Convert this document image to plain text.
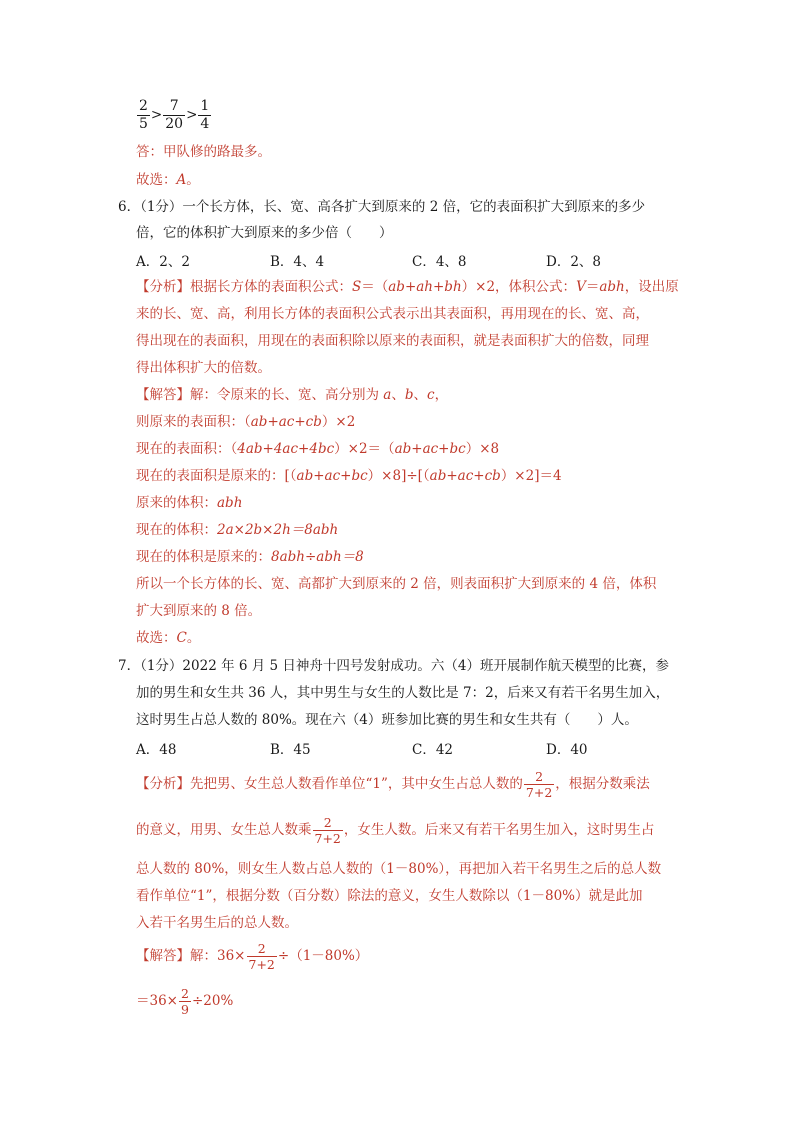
$\frac{2}{5} > \frac{7}{20} > \frac{1}{4}$
答：甲队修的路最多。
故选：A。
6．（1分）一个长方体，长、宽、高各扩大到原来的 2 倍，它的表面积扩大到原来的多少
倍，它的体积扩大到原来的多少倍（　　）
A．2、2	B．4、4	C．4、8	D．2、8
【分析】根据长方体的表面积公式：S＝（ab+ah+bh）×2，体积公式：V＝abh，设出原
来的长、宽、高，利用长方体的表面积公式表示出其表面积，再用现在的长、宽、高，
得出现在的表面积，用现在的表面积除以原来的表面积，就是表面积扩大的倍数，同理
得出体积扩大的倍数。
【解答】解：令原来的长、宽、高分别为 a、b、c，
则原来的表面积：（ab+ac+cb）×2
现在的表面积：（4ab+4ac+4bc）×2＝（ab+ac+bc）×8
现在的表面积是原来的：[（ab+ac+bc）×8]÷[（ab+ac+cb）×2]＝4
原来的体积：abh
现在的体积：2a×2b×2h＝8abh
现在的体积是原来的：8abh÷abh＝8
所以一个长方体的长、宽、高都扩大到原来的 2 倍，则表面积扩大到原来的 4 倍，体积
扩大到原来的 8 倍。
故选：C。
7．（1分）2022 年 6 月 5 日神舟十四号发射成功。六（4）班开展制作航天模型的比赛，参
加的男生和女生共 36 人，其中男生与女生的人数比是 7：2，后来又有若干名男生加入，
这时男生占总人数的 80%。现在六（4）班参加比赛的男生和女生共有（　　）人。
A．48	B．45	C．42	D．40
【分析】先把男、女生总人数看作单位“1”，其中女生占总人数的 $\frac{2}{7+2}$ ，根据分数乘法
的意义，用男、女生总人数乘 $\frac{2}{7+2}$ ，女生人数。后来又有若干名男生加入，这时男生占
总人数的 80%，则女生人数占总人数的（1－80%），再把加入若干名男生之后的总人数
看作单位“1”，根据分数（百分数）除法的意义，女生人数除以（1－80%）就是此加
入若干名男生后的总人数。
【解答】解：$36\times \frac{2}{7+2} \div(1-80\%)$
$=36\times \frac{2}{9} \div 20\%$
